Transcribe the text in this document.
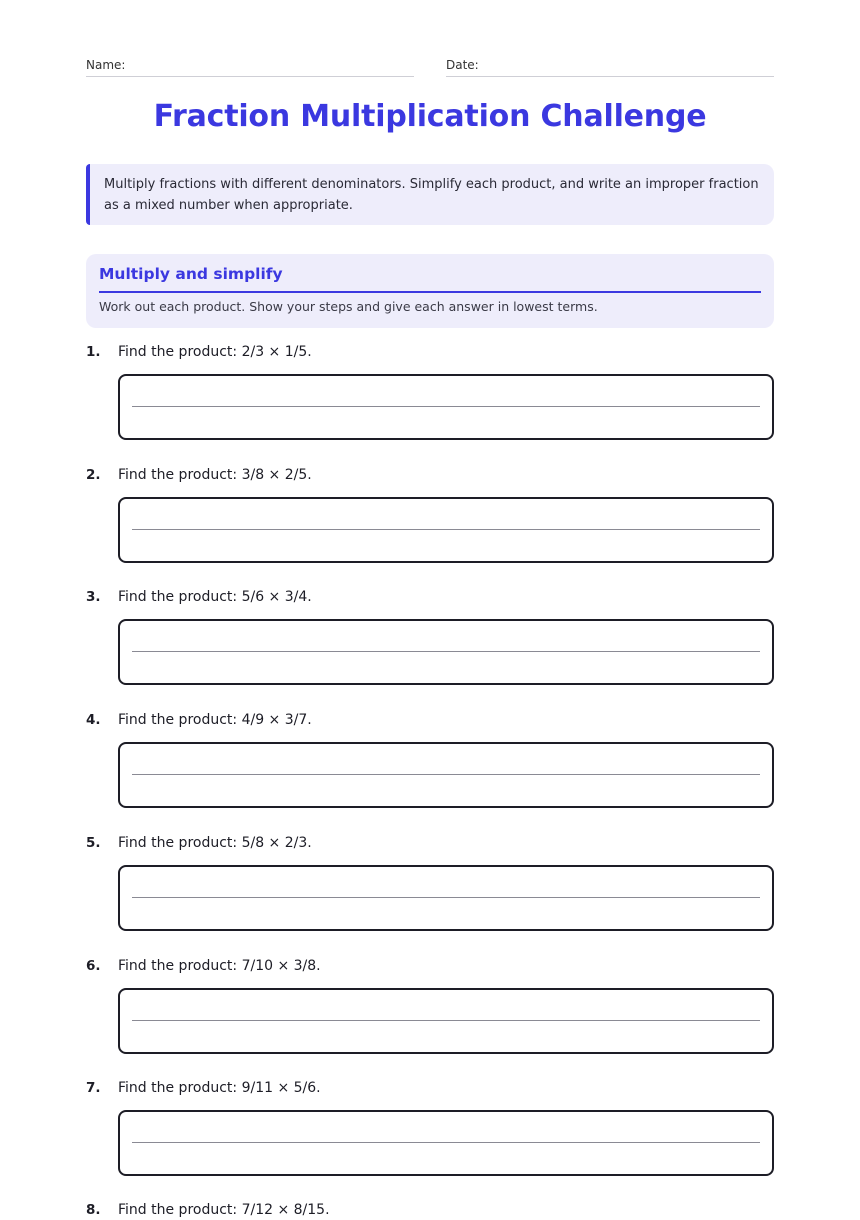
Name:	Date:
Fraction Multiplication Challenge
Multiply fractions with different denominators. Simplify each product, and write an improper fraction as a mixed number when appropriate.
Multiply and simplify
Work out each product. Show your steps and give each answer in lowest terms.
1. Find the product: 2/3 × 1/5.
2. Find the product: 3/8 × 2/5.
3. Find the product: 5/6 × 3/4.
4. Find the product: 4/9 × 3/7.
5. Find the product: 5/8 × 2/3.
6. Find the product: 7/10 × 3/8.
7. Find the product: 9/11 × 5/6.
8. Find the product: 7/12 × 8/15.
